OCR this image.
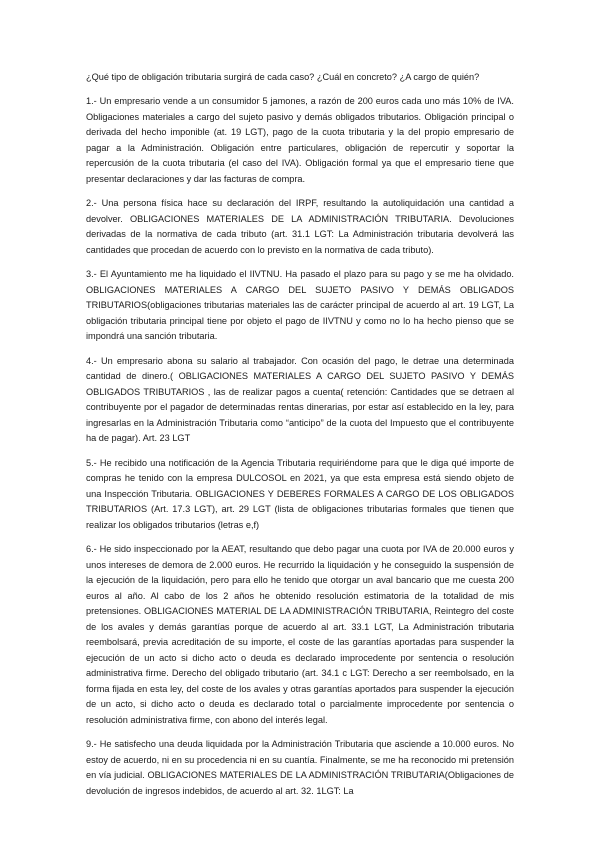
¿Qué tipo de obligación tributaria surgirá de cada caso? ¿Cuál en concreto? ¿A cargo de quién?

1.- Un empresario vende a un consumidor 5 jamones, a razón de 200 euros cada uno más 10% de IVA. Obligaciones materiales a cargo del sujeto pasivo y demás obligados tributarios. Obligación principal o derivada del hecho imponible (at. 19 LGT), pago de la cuota tributaria y la del propio empresario de pagar a la Administración. Obligación entre particulares, obligación de repercutir y soportar la repercusión de la cuota tributaria (el caso del IVA). Obligación formal ya que el empresario tiene que presentar declaraciones y dar las facturas de compra.

2.- Una persona física hace su declaración del IRPF, resultando la autoliquidación una cantidad a devolver. OBLIGACIONES MATERIALES DE LA ADMINISTRACIÓN TRIBUTARIA. Devoluciones derivadas de la normativa de cada tributo (art. 31.1 LGT: La Administración tributaria devolverá las cantidades que procedan de acuerdo con lo previsto en la normativa de cada tributo).

3.- El Ayuntamiento me ha liquidado el IIVTNU. Ha pasado el plazo para su pago y se me ha olvidado. OBLIGACIONES MATERIALES A CARGO DEL SUJETO PASIVO Y DEMÁS OBLIGADOS TRIBUTARIOS(obligaciones tributarias materiales las de carácter principal de acuerdo al art. 19 LGT, La obligación tributaria principal tiene por objeto el pago de IIVTNU y como no lo ha hecho pienso que se impondrá una sanción tributaria.

4.- Un empresario abona su salario al trabajador. Con ocasión del pago, le detrae una determinada cantidad de dinero.( OBLIGACIONES MATERIALES A CARGO DEL SUJETO PASIVO Y DEMÁS OBLIGADOS TRIBUTARIOS , las de realizar pagos a cuenta( retención: Cantidades que se detraen al contribuyente por el pagador de determinadas rentas dinerarias, por estar así establecido en la ley, para ingresarlas en la Administración Tributaria como “anticipo” de la cuota del Impuesto que el contribuyente ha de pagar). Art. 23 LGT

5.- He recibido una notificación de la Agencia Tributaria requiriéndome para que le diga qué importe de compras he tenido con la empresa DULCOSOL en 2021, ya que esta empresa está siendo objeto de una Inspección Tributaria. OBLIGACIONES Y DEBERES FORMALES A CARGO DE LOS OBLIGADOS TRIBUTARIOS (Art. 17.3 LGT), art. 29 LGT (lista de obligaciones tributarias formales que tienen que realizar los obligados tributarios (letras e,f)

6.- He sido inspeccionado por la AEAT, resultando que debo pagar una cuota por IVA de 20.000 euros y unos intereses de demora de 2.000 euros. He recurrido la liquidación y he conseguido la suspensión de la ejecución de la liquidación, pero para ello he tenido que otorgar un aval bancario que me cuesta 200 euros al año. Al cabo de los 2 años he obtenido resolución estimatoria de la totalidad de mis pretensiones. OBLIGACIONES MATERIAL DE LA ADMINISTRACIÓN TRIBUTARIA, Reintegro del coste de los avales y demás garantías porque de acuerdo al art. 33.1 LGT, La Administración tributaria reembolsará, previa acreditación de su importe, el coste de las garantías aportadas para suspender la ejecución de un acto si dicho acto o deuda es declarado improcedente por sentencia o resolución administrativa firme. Derecho del obligado tributario (art. 34.1 c LGT: Derecho a ser reembolsado, en la forma fijada en esta ley, del coste de los avales y otras garantías aportados para suspender la ejecución de un acto, si dicho acto o deuda es declarado total o parcialmente improcedente por sentencia o resolución administrativa firme, con abono del interés legal.

9.- He satisfecho una deuda liquidada por la Administración Tributaria que asciende a 10.000 euros. No estoy de acuerdo, ni en su procedencia ni en su cuantía. Finalmente, se me ha reconocido mi pretensión en vía judicial. OBLIGACIONES MATERIALES DE LA ADMINISTRACIÓN TRIBUTARIA(Obligaciones de devolución de ingresos indebidos, de acuerdo al art. 32. 1LGT: La
